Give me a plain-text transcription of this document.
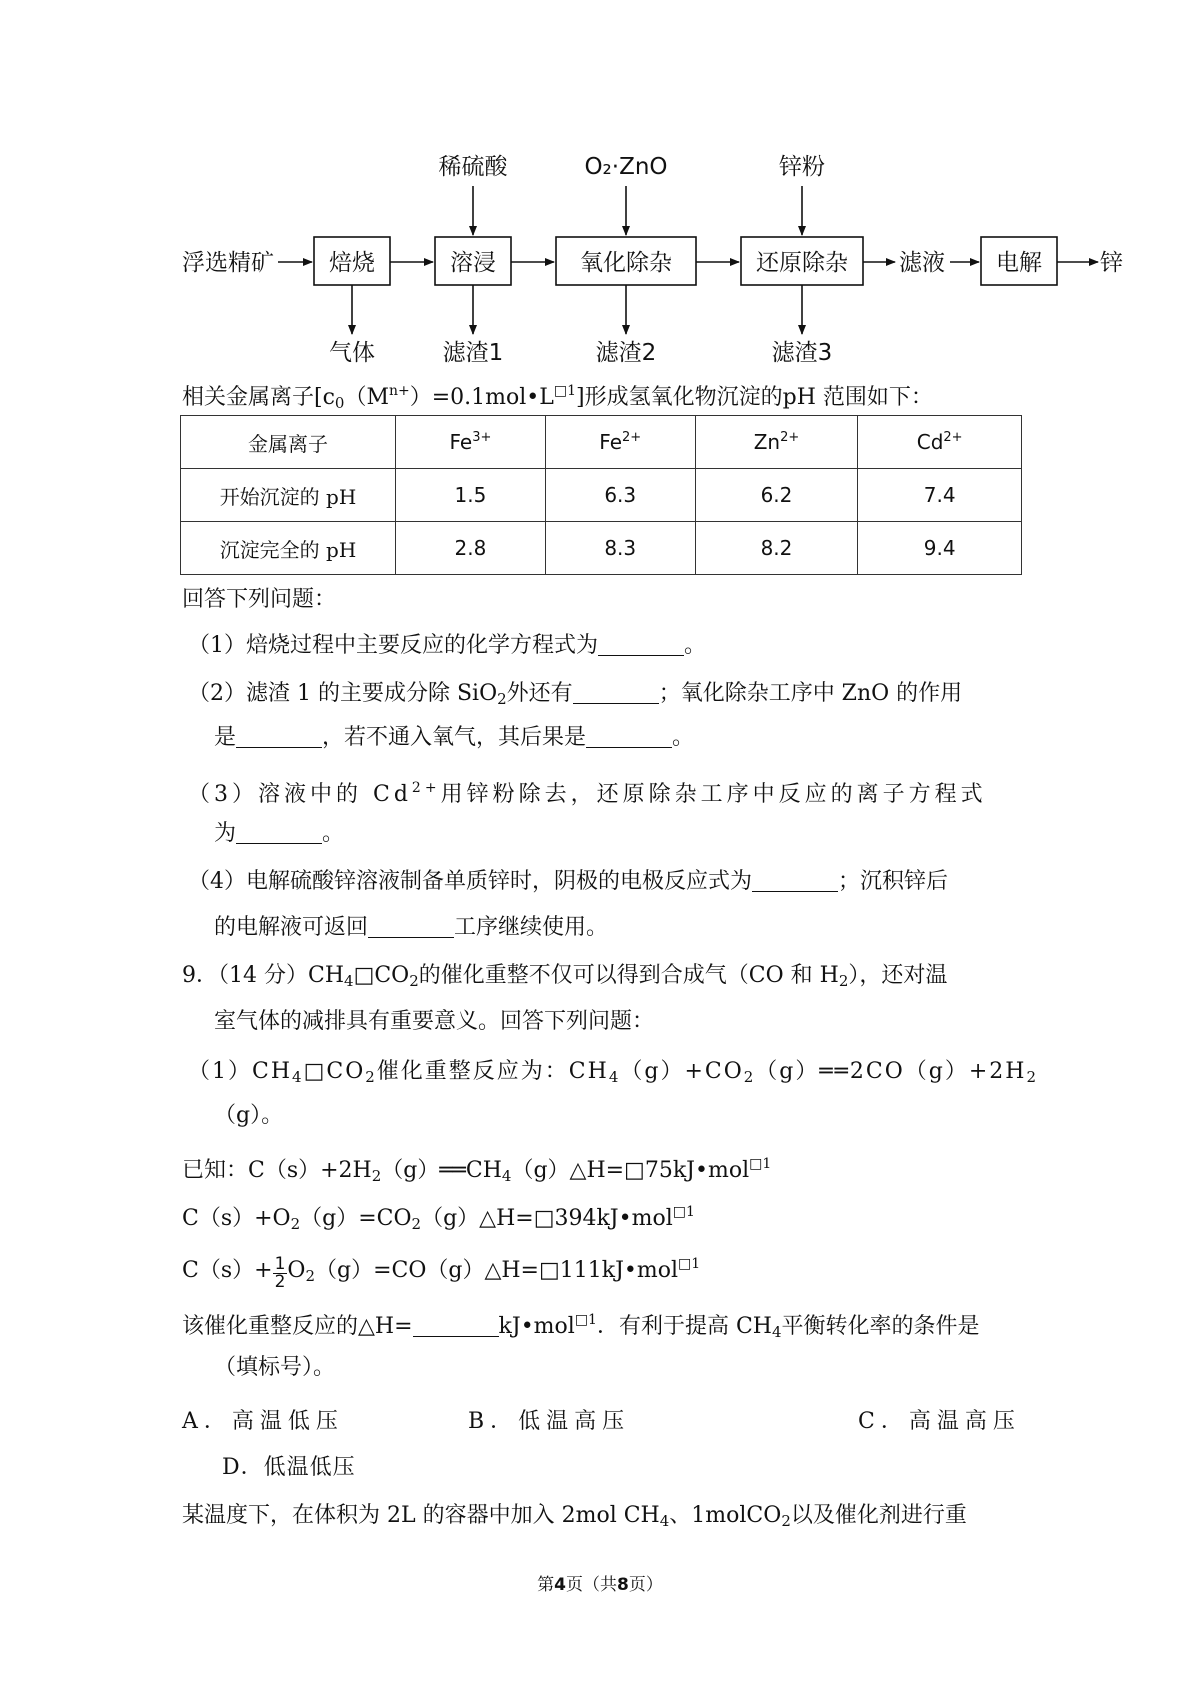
浮选精矿 焙烧	溶浸	氧化除杂	还原除杂 滤液 电解	锌
稀硫酸	O₂·ZnO	锌粉
气体	滤渣1	滤渣2	滤渣3
相关金属离子$[c_0(M^{n+})=0.1mol•L^{□1}]$形成氢氧化物沉淀的pH 范围如下：
金属离子	$Fe^{3+}$	$Fe^{2+}$	$Zn^{2+}$	$Cd^{2+}$
开始沉淀的 pH	1.5	6.3	6.2	7.4
沉淀完全的 pH	2.8	8.3	8.2	9.4
回答下列问题：
（1）焙烧过程中主要反应的化学方程式为	。
（2）滤渣 1 的主要成分除 SiO$_2$外还有	；氧化除杂工序中 ZnO 的作用
是	，若不通入氧气，其后果是	。
（3）溶液中的 $Cd^{2+}$用锌粉除去，还原除杂工序中反应的离子方程式
为	。
（4）电解硫酸锌溶液制备单质锌时，阴极的电极反应式为	；沉积锌后
的电解液可返回	工序继续使用。
9．（14 分）$CH_4□CO_2$的催化重整不仅可以得到合成气（CO 和 $H_2$），还对温
室气体的减排具有重要意义。回答下列问题：
$(1)CH_4□CO_2$催化重整反应为：$CH_4(g)+CO_2(g)══2CO(g)+2H_2$
（g）。
已知：$C(s)+2H_2(g)══CH_4(g)\triangle H=□75kJ•mol^{□1}$
$C(s)+O_2(g)=CO_2(g)\triangle H=□394kJ•mol^{□1}$
$C(s)+ \frac{1}{2}$ $O_2(g)=CO(g)\triangle H=□111kJ•mol^{□1}$
该催化重整反应的△H=	kJ•mol$^{□1}$．有利于提高 $CH_4$平衡转化率的条件是
（填标号）。
A．高温低压	B．低温高压	C．高温高压
D．低温低压
某温度下，在体积为 2L 的容器中加入 2mol $CH_4$、1molCO$_2$以及催化剂进行重
第4页（共8页）
